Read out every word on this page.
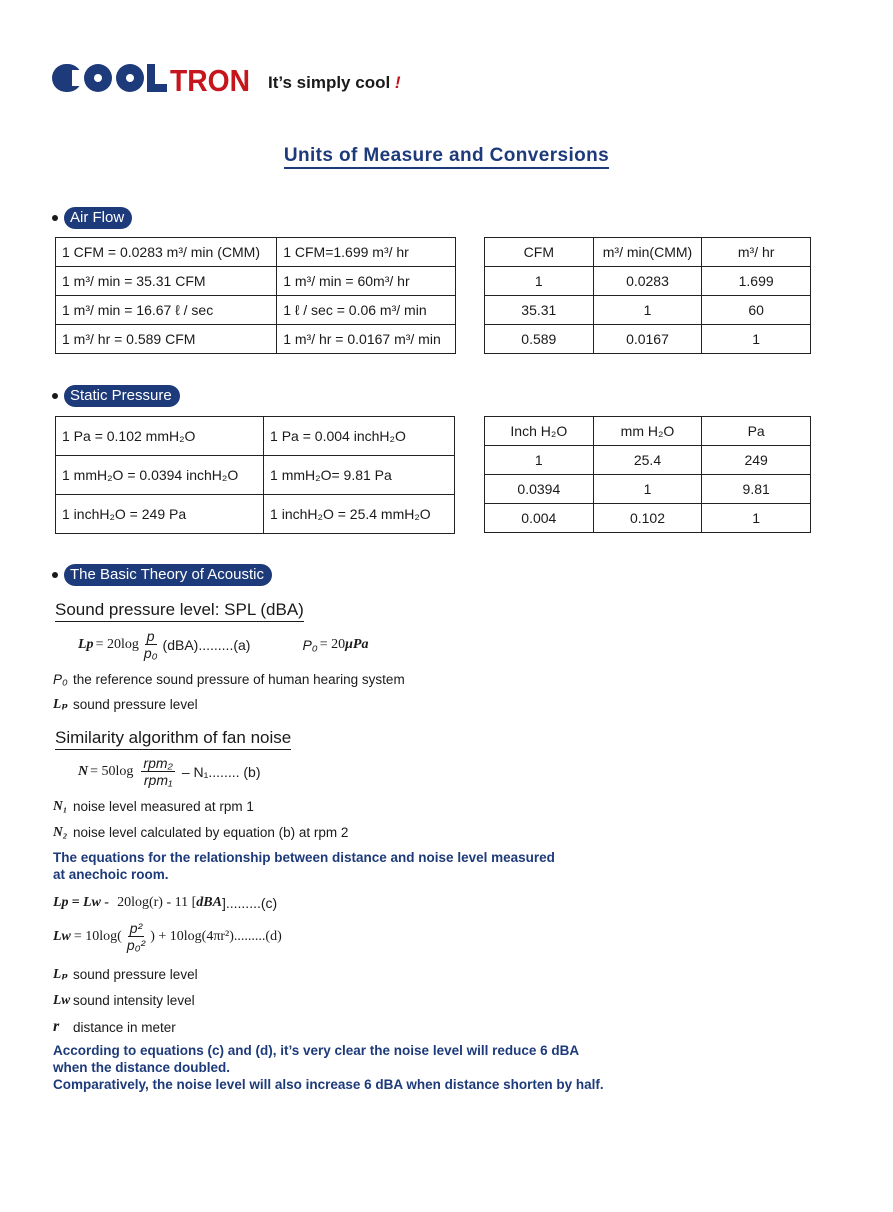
TRON It’s simply cool !
Units of Measure and Conversions
Air Flow
1 CFM = 0.0283 m³/ min (CMM)	1 CFM=1.699 m³/ hr
1 m³/ min = 35.31 CFM	1 m³/ min = 60m³/ hr
1 m³/ min = 16.67 ℓ / sec	1 ℓ / sec = 0.06 m³/ min
1 m³/ hr = 0.589 CFM	1 m³/ hr = 0.0167 m³/ min
CFM	m³/ min(CMM)	m³/ hr
1	0.0283	1.699
35.31	1	60
0.589	0.0167	1
Static Pressure
1 Pa = 0.102 mmH₂O	1 Pa = 0.004 inchH₂O
1 mmH₂O = 0.0394 inchH₂O	1 mmH₂O= 9.81 Pa
1 inchH₂O = 249 Pa	1 inchH₂O = 25.4 mmH₂O
Inch H₂O	mm H₂O	Pa
1	25.4	249
0.0394	1	9.81
0.004	0.102	1
The Basic Theory of Acoustic
Sound pressure level: SPL (dBA)
$Lp = 20\log \frac{p}{\text{p₀}} (dBA).........(a)$	P₀ = 20 μPa
P₀ the reference sound pressure of human hearing system
Lₚ sound pressure level
Similarity algorithm of fan noise
$N = 50\log \frac{\text{rpm₂}}{\text{rpm₁}} - N_1$........ (b)
N₁ noise level measured at rpm 1
N₂ noise level calculated by equation (b) at rpm 2
The equations for the relationship between distance and noise level measured
at anechoic room.
Lp = Lw - 20log(r) - 11 [ dBA ].........(c)
$Lw = 10\log( \frac{\text{p²}}{\text{p₀²}}$ ) + 10log(4πr²).........(d)
Lₚ sound pressure level
Lw sound intensity level
r	distance in meter
According to equations (c) and (d), it’s very clear the noise level will reduce 6 dBA
when the distance doubled.
Comparatively, the noise level will also increase 6 dBA when distance shorten by half.
